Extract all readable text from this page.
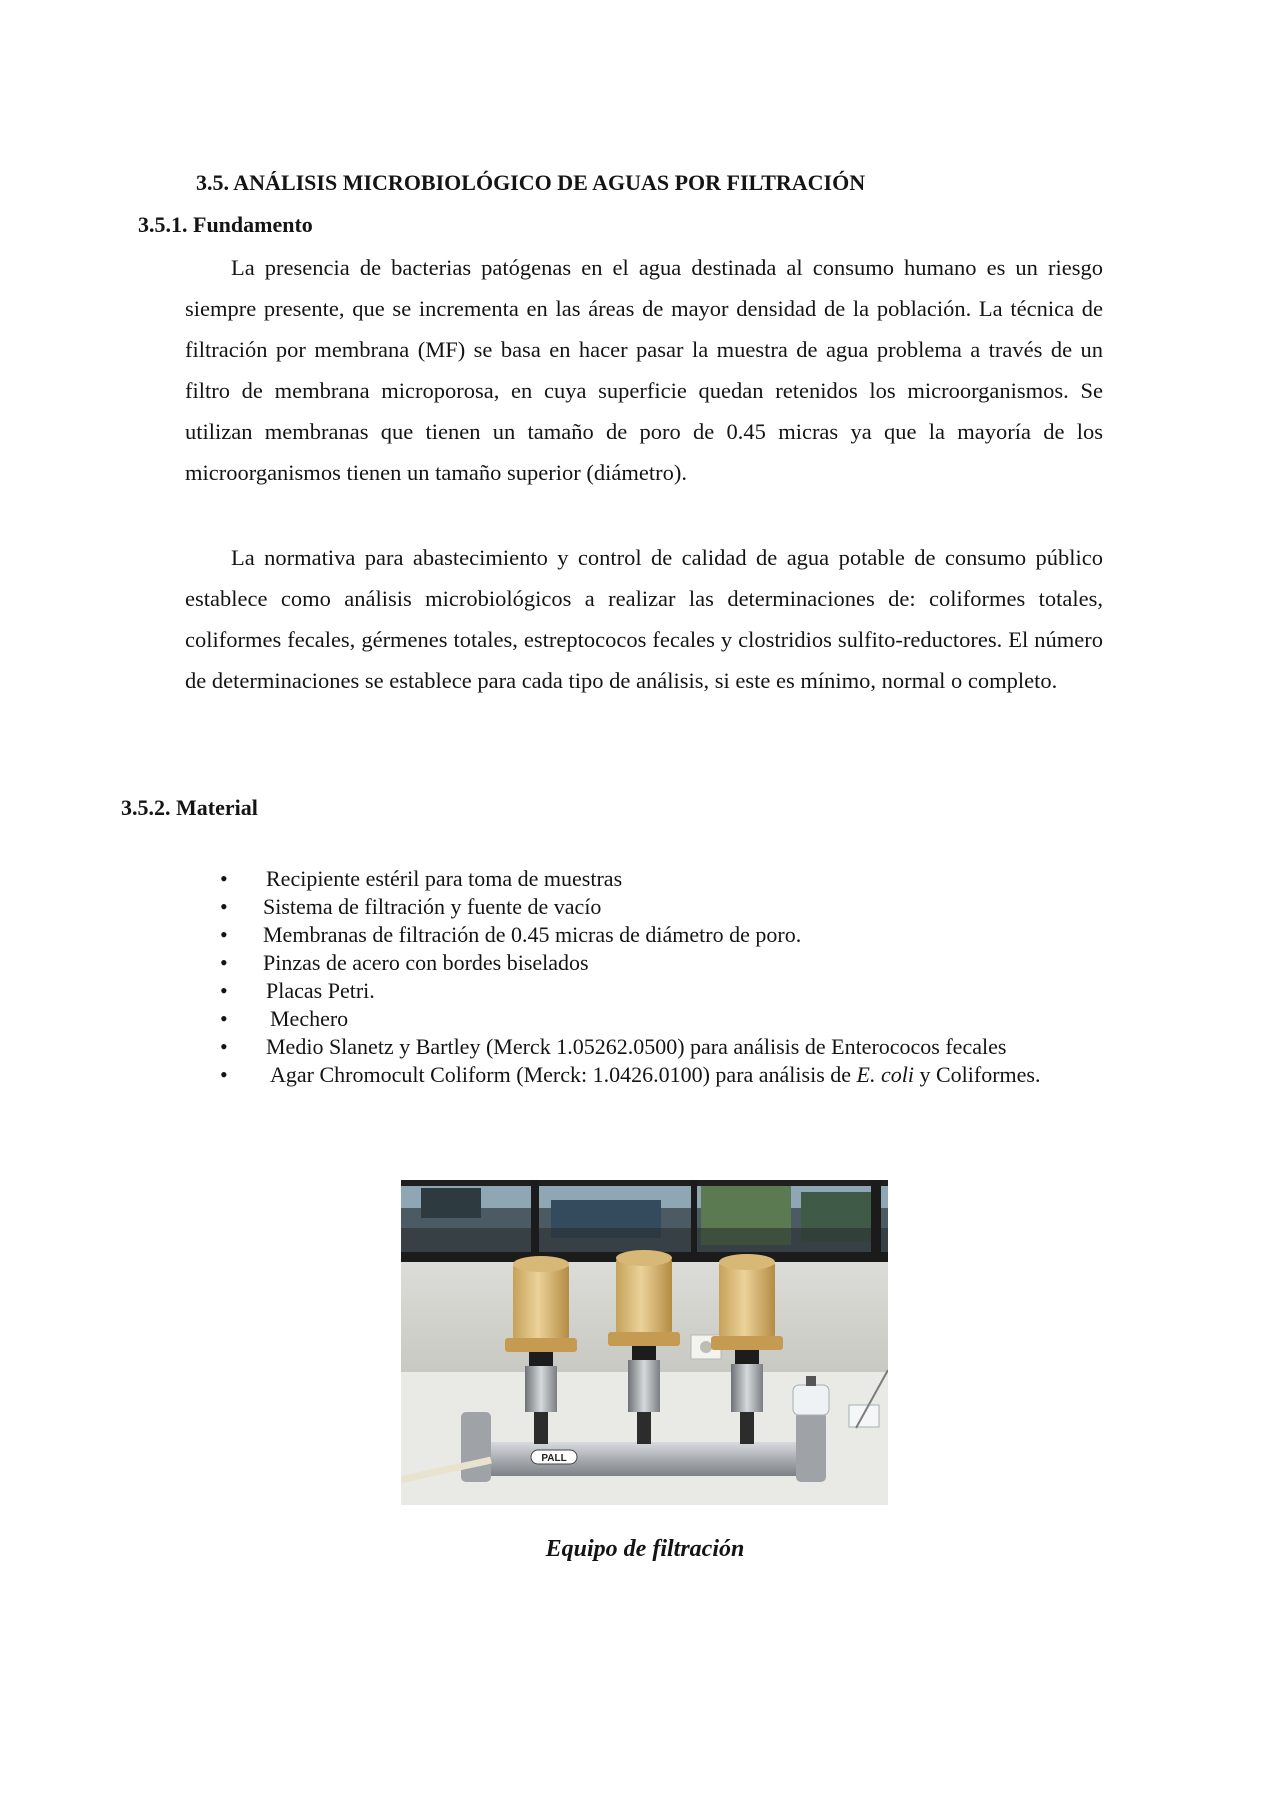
3.5. ANÁLISIS MICROBIOLÓGICO DE AGUAS POR FILTRACIÓN
3.5.1. Fundamento
La presencia de bacterias patógenas en el agua destinada al consumo humano es un riesgo siempre presente, que se incrementa en las áreas de mayor densidad de la población. La técnica de filtración por membrana (MF) se basa en hacer pasar la muestra de agua problema a través de un filtro de membrana microporosa, en cuya superficie quedan retenidos los microorganismos. Se utilizan membranas que tienen un tamaño de poro de 0.45 micras ya que la mayoría de los microorganismos tienen un tamaño superior (diámetro).
La normativa para abastecimiento y control de calidad de agua potable de consumo público establece como análisis microbiológicos a realizar las determinaciones de: coliformes totales, coliformes fecales, gérmenes totales, estreptococos fecales y clostridios sulfito-reductores. El número de determinaciones se establece para cada tipo de análisis, si este es mínimo, normal o completo.
3.5.2. Material
• Recipiente estéril para toma de muestras
• Sistema de filtración y fuente de vacío
• Membranas de filtración de 0.45 micras de diámetro de poro.
• Pinzas de acero con bordes biselados
• Placas Petri.
• Mechero
• Medio Slanetz y Bartley (Merck 1.05262.0500) para análisis de Enterococos fecales
• Agar Chromocult Coliform (Merck: 1.0426.0100) para análisis de E. coli y Coliformes.
PALL
Equipo de filtración
